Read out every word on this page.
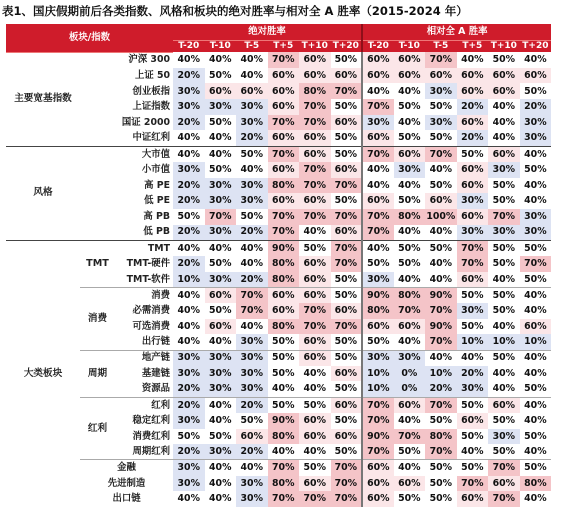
表1、国庆假期前后各类指数、风格和板块的绝对胜率与相对全 A 胜率（2015-2024 年）
板块/指数			绝对胜率						相对全 A 胜率					
			T-20	T-10	T-5	T+5	T+10	T+20	T-20	T-10	T-5	T+5	T+10	T+20
主要宽基指数		沪深 300	40%	40%	40%	70%	60%	50%	60%	60%	70%	40%	50%	40%
		上证 50	20%	50%	40%	60%	60%	60%	60%	60%	60%	60%	60%	60%
		创业板指	30%	60%	60%	60%	80%	70%	40%	40%	30%	60%	60%	50%
		上证指数	30%	30%	30%	60%	70%	50%	70%	50%	50%	20%	40%	20%
		国证 2000	20%	50%	30%	70%	70%	60%	30%	40%	30%	60%	40%	30%
		中证红利	40%	40%	20%	60%	60%	50%	60%	50%	50%	20%	40%	30%
风格		大市值	40%	40%	50%	70%	60%	50%	70%	60%	70%	50%	60%	40%
		小市值	30%	50%	40%	60%	70%	60%	40%	30%	40%	60%	30%	50%
		高 PE	20%	30%	30%	80%	70%	70%	40%	40%	50%	60%	50%	40%
		低 PE	20%	30%	30%	60%	60%	50%	60%	50%	60%	30%	50%	40%
		高 PB	50%	70%	50%	70%	70%	70%	70%	80%	100%	60%	70%	30%
		低 PB	20%	30%	20%	70%	40%	60%	70%	40%	40%	30%	30%	30%
大类板块	TMT	TMT	40%	40%	40%	90%	50%	70%	40%	50%	50%	70%	50%	50%
		TMT-硬件	20%	50%	40%	80%	60%	70%	50%	50%	40%	70%	50%	70%
		TMT-软件	10%	30%	20%	80%	60%	50%	30%	40%	40%	60%	40%	50%
	消费	消费	40%	60%	70%	60%	60%	50%	90%	80%	90%	50%	50%	40%
		必需消费	40%	50%	70%	60%	70%	60%	80%	70%	70%	30%	50%	40%
		可选消费	40%	60%	40%	80%	70%	70%	60%	60%	90%	50%	40%	60%
		出行链	40%	40%	30%	50%	60%	50%	50%	40%	70%	10%	10%	10%
	周期	地产链	30%	30%	30%	50%	60%	50%	30%	30%	40%	40%	50%	40%
		基建链	30%	30%	30%	50%	40%	60%	10%	0%	10%	20%	40%	40%
		资源品	20%	30%	30%	40%	40%	50%	10%	0%	20%	30%	40%	50%
	红利	红利	20%	40%	20%	50%	50%	60%	70%	60%	70%	50%	60%	40%
		稳定红利	30%	40%	50%	90%	60%	50%	70%	40%	50%	60%	50%	40%
		消费红利	50%	50%	60%	80%	60%	60%	90%	70%	80%	50%	30%	50%
		周期红利	20%	30%	20%	40%	40%	50%	70%	50%	70%	40%	50%	40%
	金融		30%	40%	40%	70%	50%	70%	60%	40%	50%	50%	70%	50%
	先进制造		30%	40%	30%	80%	60%	70%	60%	60%	50%	70%	60%	80%
	出口链		40%	40%	30%	70%	70%	70%	60%	50%	50%	60%	70%	40%
